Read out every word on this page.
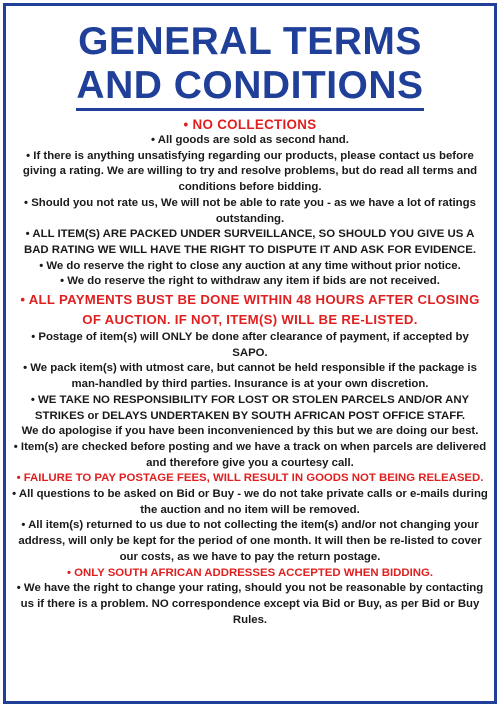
GENERAL TERMS
AND CONDITIONS
• NO COLLECTIONS
• All goods are sold as second hand.
• If there is anything unsatisfying regarding our products, please contact us before giving a rating. We are willing to try and resolve problems, but do read all terms and conditions before bidding.
• Should you not rate us, We will not be able to rate you - as we have a lot of ratings outstanding.
• ALL ITEM(S) ARE PACKED UNDER SURVEILLANCE, SO SHOULD YOU GIVE US A BAD RATING WE WILL HAVE THE RIGHT TO DISPUTE IT AND ASK FOR EVIDENCE.
• We do reserve the right to close any auction at any time without prior notice.
• We do reserve the right to withdraw any item if bids are not received.
• ALL PAYMENTS BUST BE DONE WITHIN 48 HOURS AFTER CLOSING OF AUCTION. IF NOT, ITEM(S) WILL BE RE-LISTED.
• Postage of item(s) will ONLY be done after clearance of payment, if accepted by SAPO.
• We pack item(s) with utmost care, but cannot be held responsible if the package is man-handled by third parties. Insurance is at your own discretion.
• WE TAKE NO RESPONSIBILITY FOR LOST OR STOLEN PARCELS AND/OR ANY STRIKES or DELAYS UNDERTAKEN BY SOUTH AFRICAN POST OFFICE STAFF.
We do apologise if you have been inconvenienced by this but we are doing our best.
• Item(s) are checked before posting and we have a track on when parcels are delivered and therefore give you a courtesy call.
• FAILURE TO PAY POSTAGE FEES, WILL RESULT IN GOODS NOT BEING RELEASED.
• All questions to be asked on Bid or Buy - we do not take private calls or e-mails during the auction and no item will be removed.
• All item(s) returned to us due to not collecting the item(s) and/or not changing your address, will only be kept for the period of one month. It will then be re-listed to cover our costs, as we have to pay the return postage.
• ONLY SOUTH AFRICAN ADDRESSES ACCEPTED WHEN BIDDING.
• We have the right to change your rating, should you not be reasonable by contacting us if there is a problem. NO correspondence except via Bid or Buy, as per Bid or Buy Rules.
